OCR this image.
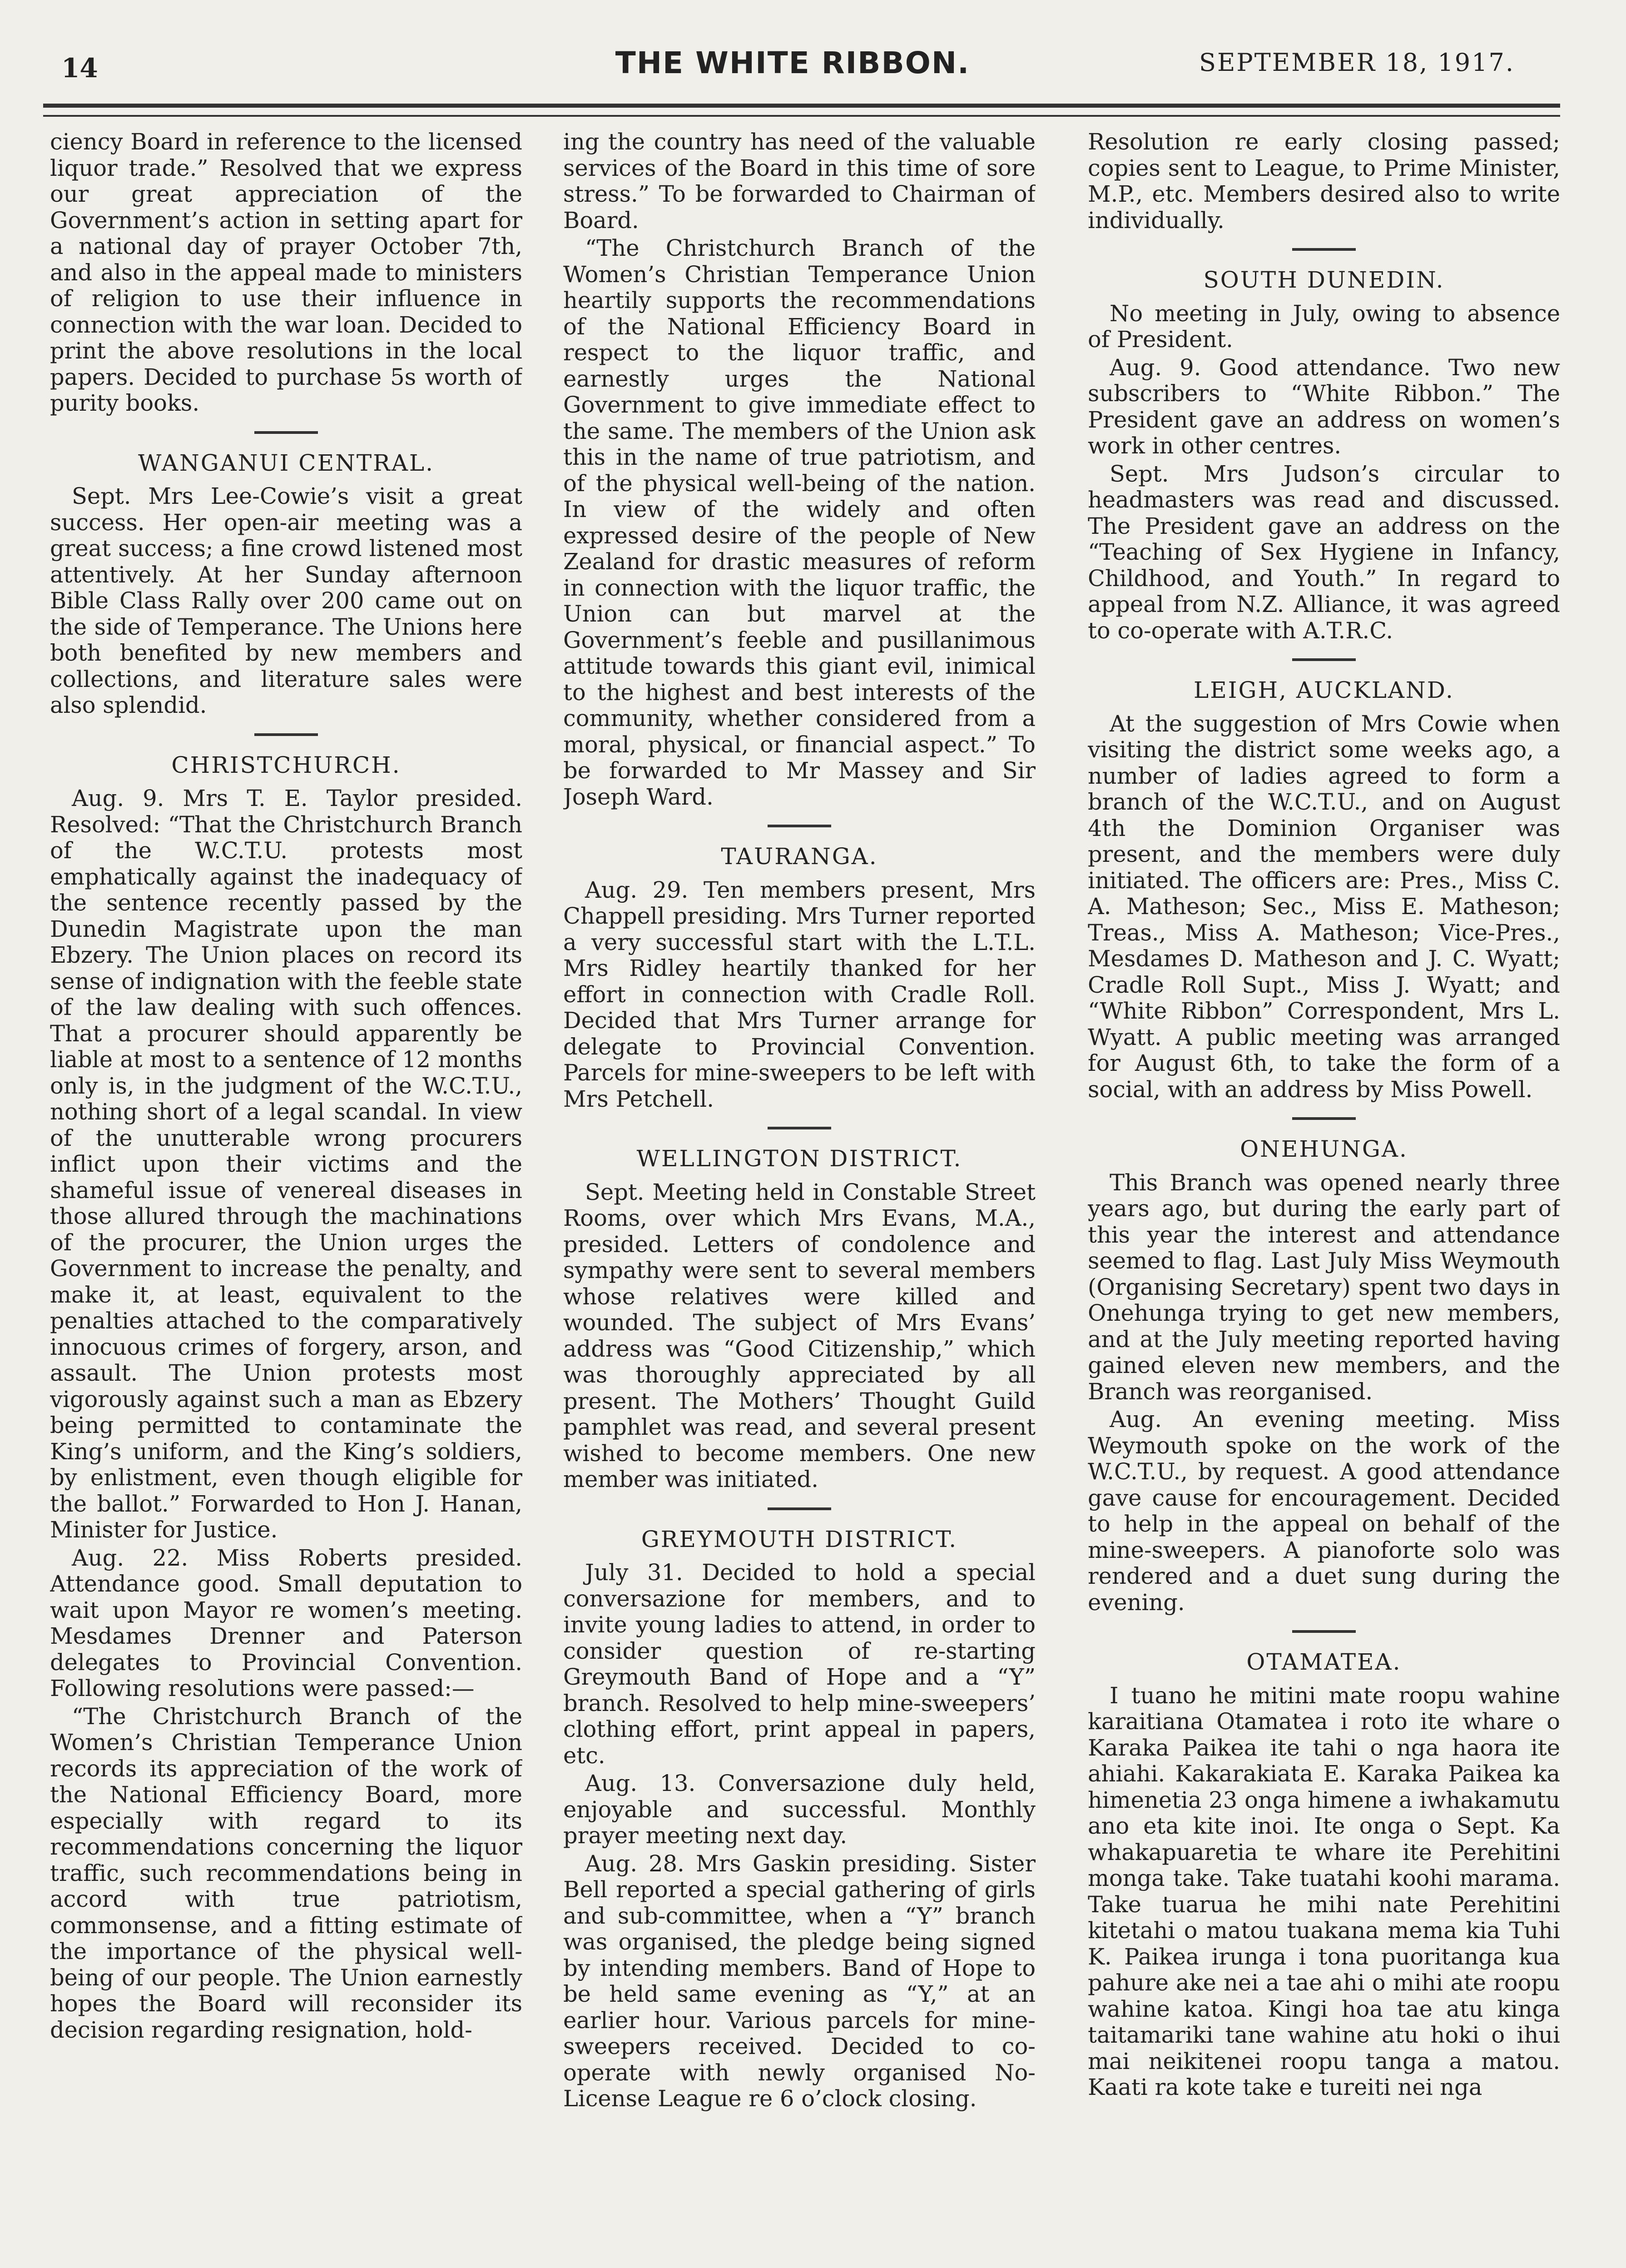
14	THE WHITE RIBBON.	SEPTEMBER 18, 1917.

ciency Board in reference to the licensed liquor trade.” Resolved that we express our great appreciation of the Government’s action in setting apart for a national day of prayer October 7th, and also in the appeal made to ministers of religion to use their influence in connection with the war loan. Decided to print the above resolutions in the local papers. Decided to purchase 5s worth of purity books.

WANGANUI CENTRAL.

Sept. Mrs Lee-Cowie’s visit a great success. Her open-air meeting was a great success; a fine crowd listened most attentively. At her Sunday afternoon Bible Class Rally over 200 came out on the side of Temperance. The Unions here both benefited by new members and collections, and literature sales were also splendid.

CHRISTCHURCH.

Aug. 9. Mrs T. E. Taylor presided. Resolved: “That the Christchurch Branch of the W.C.T.U. protests most emphatically against the inadequacy of the sentence recently passed by the Dunedin Magistrate upon the man Ebzery. The Union places on record its sense of indignation with the feeble state of the law dealing with such offences. That a procurer should apparently be liable at most to a sentence of 12 months only is, in the judgment of the W.C.T.U., nothing short of a legal scandal. In view of the unutterable wrong procurers inflict upon their victims and the shameful issue of venereal diseases in those allured through the machinations of the procurer, the Union urges the Government to increase the penalty, and make it, at least, equivalent to the penalties attached to the comparatively innocuous crimes of forgery, arson, and assault. The Union protests most vigorously against such a man as Ebzery being permitted to contaminate the King’s uniform, and the King’s soldiers, by enlistment, even though eligible for the ballot.” Forwarded to Hon J. Hanan, Minister for Justice.

Aug. 22. Miss Roberts presided. Attendance good. Small deputation to wait upon Mayor re women’s meeting. Mesdames Drenner and Paterson delegates to Provincial Convention. Following resolutions were passed:—

“The Christchurch Branch of the Women’s Christian Temperance Union records its appreciation of the work of the National Efficiency Board, more especially with regard to its recommendations concerning the liquor traffic, such recommendations being in accord with true patriotism, commonsense, and a fitting estimate of the importance of the physical well-being of our people. The Union earnestly hopes the Board will reconsider its decision regarding resignation, hold-

ing the country has need of the valuable services of the Board in this time of sore stress.” To be forwarded to Chairman of Board.

“The Christchurch Branch of the Women’s Christian Temperance Union heartily supports the recommendations of the National Efficiency Board in respect to the liquor traffic, and earnestly urges the National Government to give immediate effect to the same. The members of the Union ask this in the name of true patriotism, and of the physical well-being of the nation. In view of the widely and often expressed desire of the people of New Zealand for drastic measures of reform in connection with the liquor traffic, the Union can but marvel at the Government’s feeble and pusillanimous attitude towards this giant evil, inimical to the highest and best interests of the community, whether considered from a moral, physical, or financial aspect.” To be forwarded to Mr Massey and Sir Joseph Ward.

TAURANGA.

Aug. 29. Ten members present, Mrs Chappell presiding. Mrs Turner reported a very successful start with the L.T.L. Mrs Ridley heartily thanked for her effort in connection with Cradle Roll. Decided that Mrs Turner arrange for delegate to Provincial Convention. Parcels for mine-sweepers to be left with Mrs Petchell.

WELLINGTON DISTRICT.

Sept. Meeting held in Constable Street Rooms, over which Mrs Evans, M.A., presided. Letters of condolence and sympathy were sent to several members whose relatives were killed and wounded. The subject of Mrs Evans’ address was “Good Citizenship,” which was thoroughly appreciated by all present. The Mothers’ Thought Guild pamphlet was read, and several present wished to become members. One new member was initiated.

GREYMOUTH DISTRICT.

July 31. Decided to hold a special conversazione for members, and to invite young ladies to attend, in order to consider question of re-starting Greymouth Band of Hope and a “Y” branch. Resolved to help mine-sweepers’ clothing effort, print appeal in papers, etc.

Aug. 13. Conversazione duly held, enjoyable and successful. Monthly prayer meeting next day.

Aug. 28. Mrs Gaskin presiding. Sister Bell reported a special gathering of girls and sub-committee, when a “Y” branch was organised, the pledge being signed by intending members. Band of Hope to be held same evening as “Y,” at an earlier hour. Various parcels for mine-sweepers received. Decided to co-operate with newly organised No-License League re 6 o’clock closing.

Resolution re early closing passed; copies sent to League, to Prime Minister, M.P., etc. Members desired also to write individually.

SOUTH DUNEDIN.

No meeting in July, owing to absence of President.

Aug. 9. Good attendance. Two new subscribers to “White Ribbon.” The President gave an address on women’s work in other centres.

Sept. Mrs Judson’s circular to headmasters was read and discussed. The President gave an address on the “Teaching of Sex Hygiene in Infancy, Childhood, and Youth.” In regard to appeal from N.Z. Alliance, it was agreed to co-operate with A.T.R.C.

LEIGH, AUCKLAND.

At the suggestion of Mrs Cowie when visiting the district some weeks ago, a number of ladies agreed to form a branch of the W.C.T.U., and on August 4th the Dominion Organiser was present, and the members were duly initiated. The officers are: Pres., Miss C. A. Matheson; Sec., Miss E. Matheson; Treas., Miss A. Matheson; Vice-Pres., Mesdames D. Matheson and J. C. Wyatt; Cradle Roll Supt., Miss J. Wyatt; and “White Ribbon” Correspondent, Mrs L. Wyatt. A public meeting was arranged for August 6th, to take the form of a social, with an address by Miss Powell.

ONEHUNGA.

This Branch was opened nearly three years ago, but during the early part of this year the interest and attendance seemed to flag. Last July Miss Weymouth (Organising Secretary) spent two days in Onehunga trying to get new members, and at the July meeting reported having gained eleven new members, and the Branch was reorganised.

Aug. An evening meeting. Miss Weymouth spoke on the work of the W.C.T.U., by request. A good attendance gave cause for encouragement. Decided to help in the appeal on behalf of the mine-sweepers. A pianoforte solo was rendered and a duet sung during the evening.

OTAMATEA.

I tuano he mitini mate roopu wahine karaitiana Otamatea i roto ite whare o Karaka Paikea ite tahi o nga haora ite ahiahi. Kakarakiata E. Karaka Paikea ka himenetia 23 onga himene a iwhakamutu ano eta kite inoi. Ite onga o Sept. Ka whakapuaretia te whare ite Perehitini monga take. Take tuatahi koohi marama. Take tuarua he mihi nate Perehitini kitetahi o matou tuakana mema kia Tuhi K. Paikea irunga i tona puoritanga kua pahure ake nei a tae ahi o mihi ate roopu wahine katoa. Kingi hoa tae atu kinga taitamariki tane wahine atu hoki o ihui mai neikitenei roopu tanga a matou. Kaati ra kote take e tureiti nei nga
